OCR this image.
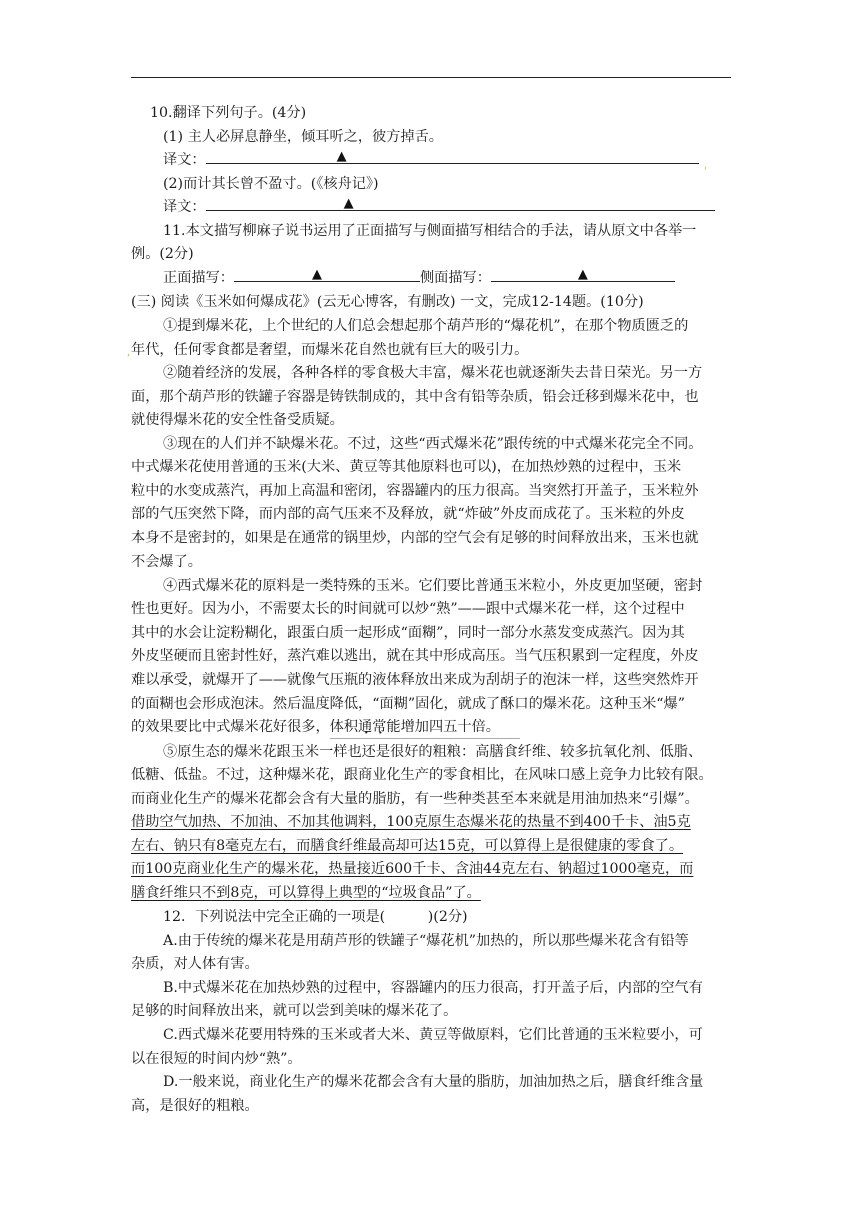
10.翻译下列句子。(4分)
(1) 主人必屏息静坐，倾耳听之，彼方掉舌。
译文：	▲
,
(2)而计其长曾不盈寸。(《核舟记》)
译文：	▲
11.本文描写柳麻子说书运用了正面描写与侧面描写相结合的手法，请从原文中各举一
例。(2分)
正面描写：	▲	侧面描写：	▲
(三) 阅读《玉米如何爆成花》(云无心博客，有删改) 一文，完成12-14题。(10分)
①提到爆米花，上个世纪的人们总会想起那个葫芦形的“爆花机”，在那个物质匮乏的
年代，任何零食都是奢望，而爆米花自然也就有巨大的吸引力。
,
②随着经济的发展，各种各样的零食极大丰富，爆米花也就逐渐失去昔日荣光。另一方
面，那个葫芦形的铁罐子容器是铸铁制成的，其中含有铅等杂质，铅会迁移到爆米花中，也
就使得爆米花的安全性备受质疑。
③现在的人们并不缺爆米花。不过，这些“西式爆米花”跟传统的中式爆米花完全不同。
中式爆米花使用普通的玉米(大米、黄豆等其他原料也可以)，在加热炒熟的过程中，玉米
粒中的水变成蒸汽，再加上高温和密闭，容器罐内的压力很高。当突然打开盖子，玉米粒外
部的气压突然下降，而内部的高气压来不及释放，就“炸破”外皮而成花了。玉米粒的外皮
本身不是密封的，如果是在通常的锅里炒，内部的空气会有足够的时间释放出来，玉米也就
不会爆了。
④西式爆米花的原料是一类特殊的玉米。它们要比普通玉米粒小，外皮更加坚硬，密封
性也更好。因为小，不需要太长的时间就可以炒“熟”——跟中式爆米花一样，这个过程中
其中的水会让淀粉糊化，跟蛋白质一起形成“面糊”，同时一部分水蒸发变成蒸汽。因为其
外皮坚硬而且密封性好，蒸汽难以逃出，就在其中形成高压。当气压积累到一定程度，外皮
难以承受，就爆开了——就像气压瓶的液体释放出来成为刮胡子的泡沫一样，这些突然炸开
的面糊也会形成泡沫。然后温度降低，“面糊”固化，就成了酥口的爆米花。这种玉米“爆”
的效果要比中式爆米花好很多，体积通 ·常 ·能增加四五十倍。
⑤原生态的爆米花跟玉米一样也还是很好的粗粮：高膳食纤维、较多抗氧化剂、低脂、
低糖、低盐。不过，这种爆米花，跟商业化生产的零食相比，在风味口感上竞争力比较有限。
而商业化生产的爆米花都会含有大量的脂肪，有一些种类甚至本来就是用油加热来“引爆”。
借助空气加热、不加油、不加其他调料，100克原生态爆米花的热量不到400千卡、油5克
左右、钠只有8毫克左右，而膳食纤维最高却可达15克，可以算得上是很健康的零食了。
而100克商业化生产的爆米花，热量接近600千卡、含油44克左右、钠超过1000毫克，而
膳食纤维只不到8克，可以算得上典型的“垃圾食品”了。
12．下列说法中完全正确的一项是(　　　)(2分)
A.由于传统的爆米花是用葫芦形的铁罐子“爆花机”加热的，所以那些爆米花含有铅等
杂质，对人体有害。
B.中式爆米花在加热炒熟的过程中，容器罐内的压力很高，打开盖子后，内部的空气有
足够的时间释放出来，就可以尝到美味的爆米花了。
C.西式爆米花要用特殊的玉米或者大米、黄豆等做原料，它们比普通的玉米粒要小，可
以在很短的时间内炒“熟”。
D.一般来说，商业化生产的爆米花都会含有大量的脂肪，加油加热之后，膳食纤维含量
高，是很好的粗粮。
